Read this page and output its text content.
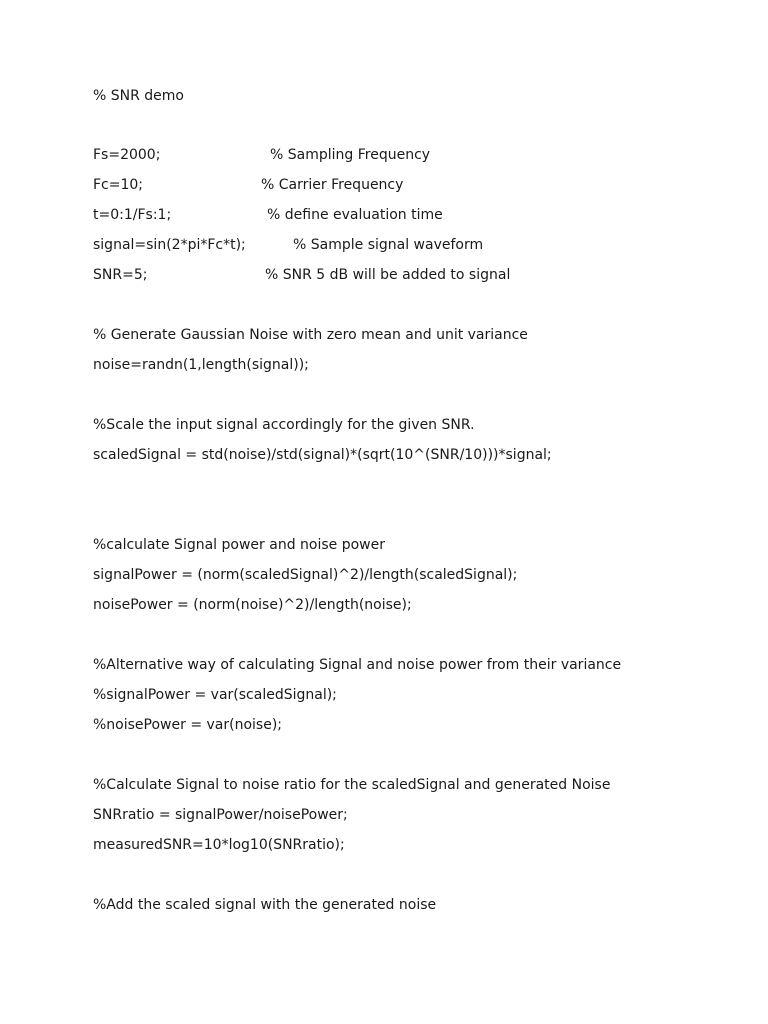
% SNR demo
Fs=2000;	% Sampling Frequency
Fc=10;	% Carrier Frequency
t=0:1/Fs:1;	% define evaluation time
signal=sin(2*pi*Fc*t);	% Sample signal waveform
SNR=5;	% SNR 5 dB will be added to signal
% Generate Gaussian Noise with zero mean and unit variance
noise=randn(1,length(signal));
%Scale the input signal accordingly for the given SNR.
scaledSignal = std(noise)/std(signal)*(sqrt(10^(SNR/10)))*signal;
%calculate Signal power and noise power
signalPower = (norm(scaledSignal)^2)/length(scaledSignal);
noisePower = (norm(noise)^2)/length(noise);
%Alternative way of calculating Signal and noise power from their variance
%signalPower = var(scaledSignal);
%noisePower = var(noise);
%Calculate Signal to noise ratio for the scaledSignal and generated Noise
SNRratio = signalPower/noisePower;
measuredSNR=10*log10(SNRratio);
%Add the scaled signal with the generated noise
